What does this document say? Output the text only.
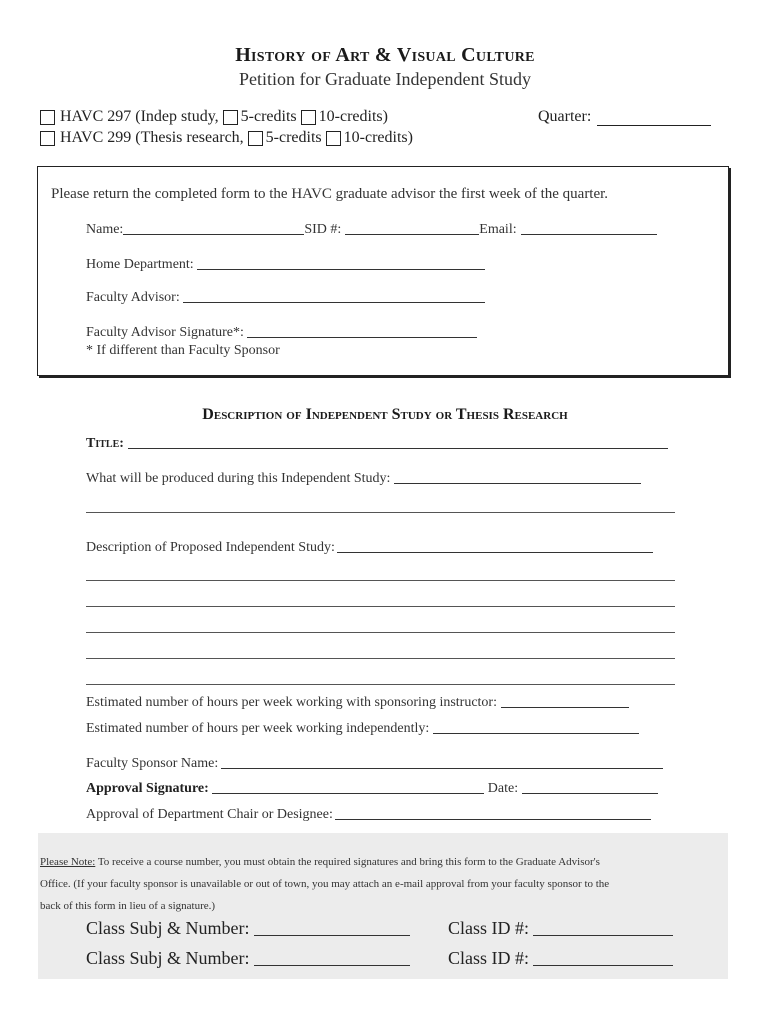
History of Art & Visual Culture
Petition for Graduate Independent Study
HAVC 297 (Indep study, 5-credits 10-credits)
HAVC 299 (Thesis research, 5-credits 10-credits)
Quarter:
Please return the completed form to the HAVC graduate advisor the first week of the quarter.
Name:	SID #:	Email:
Home Department:
Faculty Advisor:
Faculty Advisor Signature*:
* If different than Faculty Sponsor
Description of Independent Study or Thesis Research
Title:
What will be produced during this Independent Study:
Description of Proposed Independent Study:
Estimated number of hours per week working with sponsoring instructor:
Estimated number of hours per week working independently:
Faculty Sponsor Name:
Approval Signature:	Date:
Approval of Department Chair or Designee:
Please Note: To receive a course number, you must obtain the required signatures and bring this form to the Graduate Advisor's
Office. (If your faculty sponsor is unavailable or out of town, you may attach an e-mail approval from your faculty sponsor to the
back of this form in lieu of a signature.)
Class Subj & Number:	Class ID #:
Class Subj & Number:	Class ID #:
